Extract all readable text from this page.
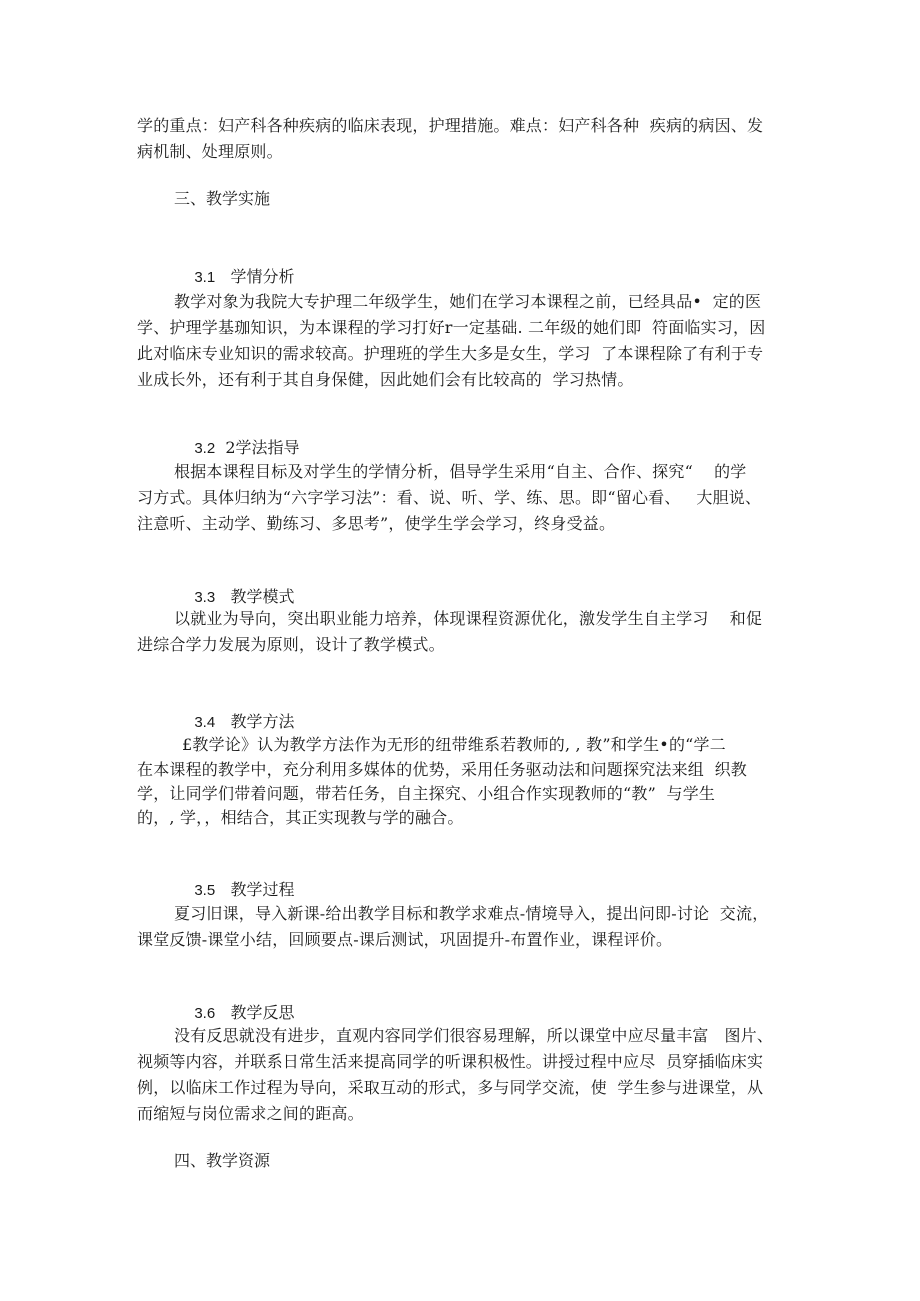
学的重点：妇产科各种疾病的临床表现，护理措施。难点：妇产科各种  疾病的病因、发
病机制、处理原则。
三、教学实施

3.1 学情分析

教学对象为我院大专护理二年级学生，她们在学习本课程之前，已经具品•  定的医
学、护理学基珈知识，为本课程的学习打好r一定基础. 二年级的她们即  符面临实习，因
此对临床专业知识的需求较高。护理班的学生大多是女生，学习  了本课程除了有利于专
业成长外，还有利于其自身保健，因此她们会有比较高的  学习热情。

3.2 2学法指导

根据本课程目标及对学生的学情分析，倡导学生采用“自主、合作、探究“    的学
习方式。具体归纳为“六字学习法”：看、说、听、学、练、思。即“留心看、   大胆说、
注意听、主动学、勤练习、多思考”，使学生学会学习，终身受益。

3.3 教学模式

以就业为导向，突出职业能力培养，体现课程资源优化，激发学生自主学习    和促
进综合学力发展为原则，设计了教学模式。

3.4 教学方法

£教学论》认为教学方法作为无形的纽带维系若教师的, , 教”和学生•的“学二
在本课程的教学中，充分利用多媒体的优势，采用任务驱动法和问题探究法来组  织教
学，让同学们带着问题，带若任务，自主探究、小组合作实现教师的“教”  与学生
的，, 学，，相结合，其正实现教与学的融合。

3.5 教学过程

夏习旧课，导入新课-给出教学目标和教学求难点-情境导入，提出问即-讨论  交流，
课堂反馈-课堂小结，回顾要点-课后测试，巩固提升-布置作业，课程评价。

3.6 教学反思

没有反思就没有进步，直观内容同学们很容易理解，所以课堂中应尽量丰富   图片、
视频等内容，并联系日常生活来提高同学的听课积极性。讲授过程中应尽  员穿插临床实
例，以临床工作过程为导向，采取互动的形式，多与同学交流，使  学生参与进课堂，从
而缩短与岗位需求之间的距高。
四、教学资源
